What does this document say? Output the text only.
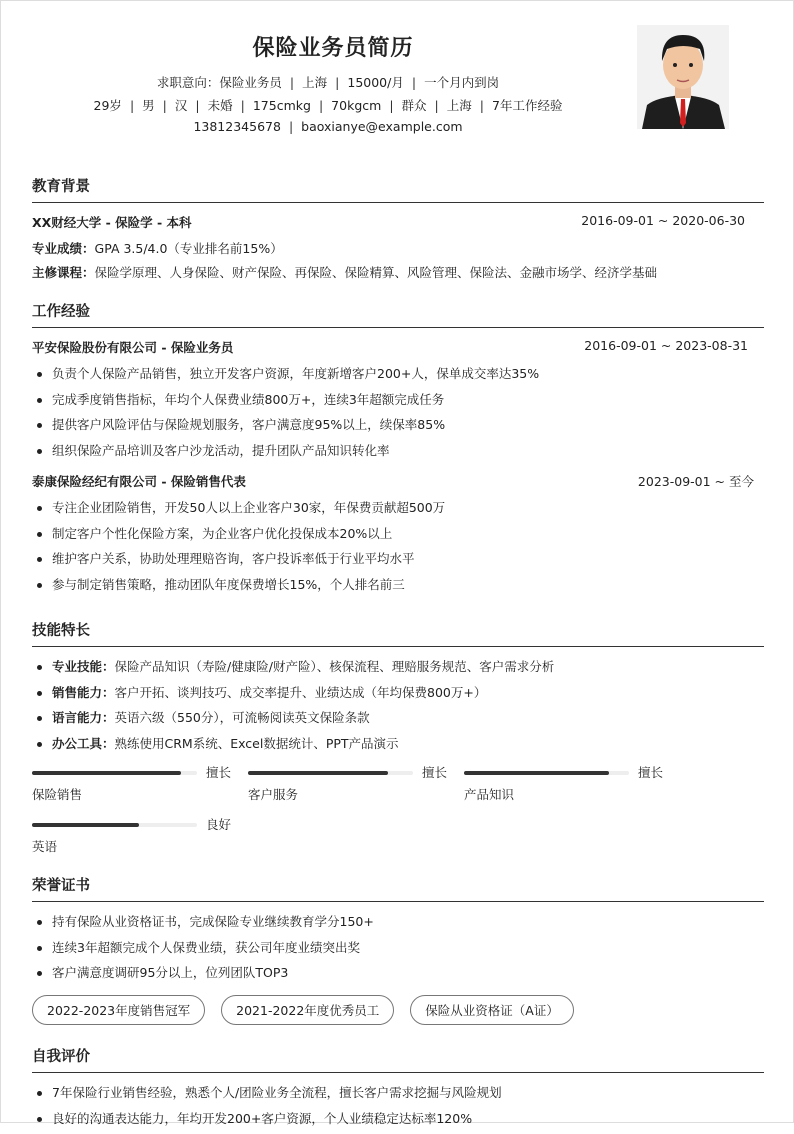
保险业务员简历
求职意向：保险业务员 | 上海 | 15000/月 | 一个月内到岗
29岁 | 男 | 汉 | 未婚 | 175cmkg | 70kgcm | 群众 | 上海 | 7年工作经验
13812345678 | baoxianye@example.com
教育背景
XX财经大学 - 保险学 - 本科	2016-09-01 ~ 2020-06-30
专业成绩：GPA 3.5/4.0（专业排名前15%）
主修课程：保险学原理、人身保险、财产保险、再保险、保险精算、风险管理、保险法、金融市场学、经济学基础
工作经验
平安保险股份有限公司 - 保险业务员	2016-09-01 ~ 2023-08-31
负责个人保险产品销售，独立开发客户资源，年度新增客户200+人，保单成交率达35%
完成季度销售指标，年均个人保费业绩800万+，连续3年超额完成任务
提供客户风险评估与保险规划服务，客户满意度95%以上，续保率85%
组织保险产品培训及客户沙龙活动，提升团队产品知识转化率
泰康保险经纪有限公司 - 保险销售代表	2023-09-01 ~ 至今
专注企业团险销售，开发50人以上企业客户30家，年保费贡献超500万
制定客户个性化保险方案，为企业客户优化投保成本20%以上
维护客户关系，协助处理理赔咨询，客户投诉率低于行业平均水平
参与制定销售策略，推动团队年度保费增长15%，个人排名前三
技能特长
专业技能：保险产品知识（寿险/健康险/财产险）、核保流程、理赔服务规范、客户需求分析
销售能力：客户开拓、谈判技巧、成交率提升、业绩达成（年均保费800万+）
语言能力：英语六级（550分），可流畅阅读英文保险条款
办公工具：熟练使用CRM系统、Excel数据统计、PPT产品演示
擅长
保险销售
擅长
客户服务
擅长
产品知识
良好
英语
荣誉证书
持有保险从业资格证书，完成保险专业继续教育学分150+
连续3年超额完成个人保费业绩，获公司年度业绩突出奖
客户满意度调研95分以上，位列团队TOP3
2022-2023年度销售冠军	2021-2022年度优秀员工	保险从业资格证（A证）
自我评价
7年保险行业销售经验，熟悉个人/团险业务全流程，擅长客户需求挖掘与风险规划
良好的沟通表达能力，年均开发200+客户资源，个人业绩稳定达标率120%
